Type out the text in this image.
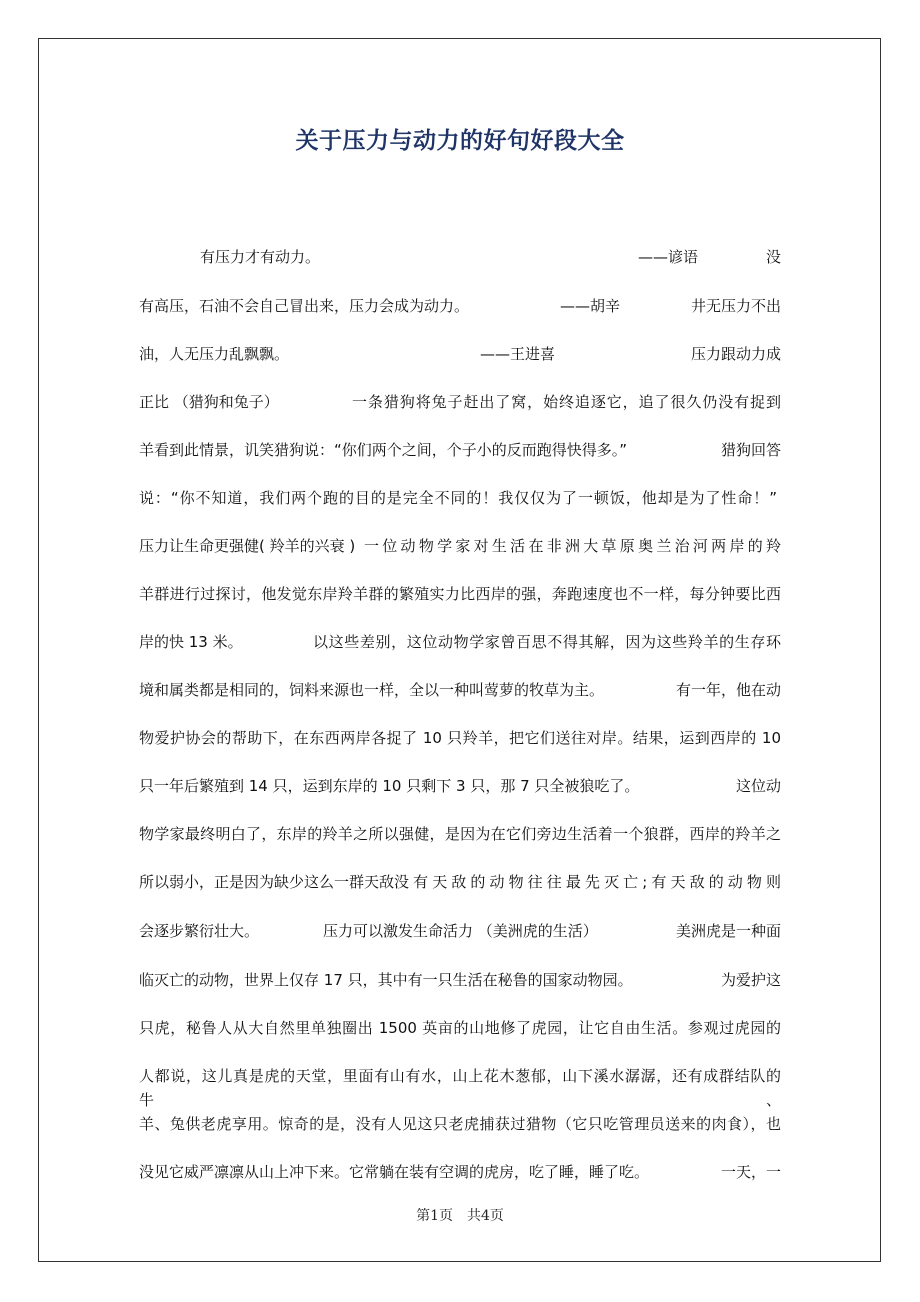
关于压力与动力的好句好段大全
有压力才有动力。	——谚语	没
有高压，石油不会自己冒出来，压力会成为动力。	——胡辛	井无压力不出
油，人无压力乱飘飘。	——王进喜	压力跟动力成
正比 （猎狗和兔子）	一条猎狗将兔子赶出了窝，始终追逐它，追了很久仍没有捉到
羊看到此情景，讥笑猎狗说：“你们两个之间，个子小的反而跑得快得多。”	猎狗回答
说：“你不知道，我们两个跑的目的是完全不同的！我仅仅为了一顿饭，他却是为了性命！”
压力让生命更强健( 羚羊的兴衰 ) 一位动物学家对生活在非洲大草原奥兰治河两岸的羚
羊群进行过探讨，他发觉东岸羚羊群的繁殖实力比西岸的强，奔跑速度也不一样，每分钟要比西
岸的快 13 米。	以这些差别，这位动物学家曾百思不得其解，因为这些羚羊的生存环
境和属类都是相同的，饲料来源也一样，全以一种叫莺萝的牧草为主。	有一年，他在动
物爱护协会的帮助下，在东西两岸各捉了 10 只羚羊，把它们送往对岸。结果，运到西岸的 10
只一年后繁殖到 14 只，运到东岸的 10 只剩下 3 只，那 7 只全被狼吃了。	这位动
物学家最终明白了，东岸的羚羊之所以强健，是因为在它们旁边生活着一个狼群，西岸的羚羊之
所以弱小，正是因为缺少这么一群天敌 没有天敌的动物往往最先灭亡;有天敌的动物则
会逐步繁衍壮大。	压力可以激发生命活力 （美洲虎的生活）	美洲虎是一种面
临灭亡的动物，世界上仅存 17 只，其中有一只生活在秘鲁的国家动物园。	为爱护这
只虎，秘鲁人从大自然里单独圈出 1500 英亩的山地修了虎园，让它自由生活。参观过虎园的
人都说，这儿真是虎的天堂，里面有山有水，山上花木葱郁，山下溪水潺潺，还有成群结队的牛、
羊、兔供老虎享用。惊奇的是，没有人见这只老虎捕获过猎物（它只吃管理员送来的肉食），也
没见它威严凛凛从山上冲下来。它常躺在装有空调的虎房，吃了睡，睡了吃。	一天，一
第1页　共4页
